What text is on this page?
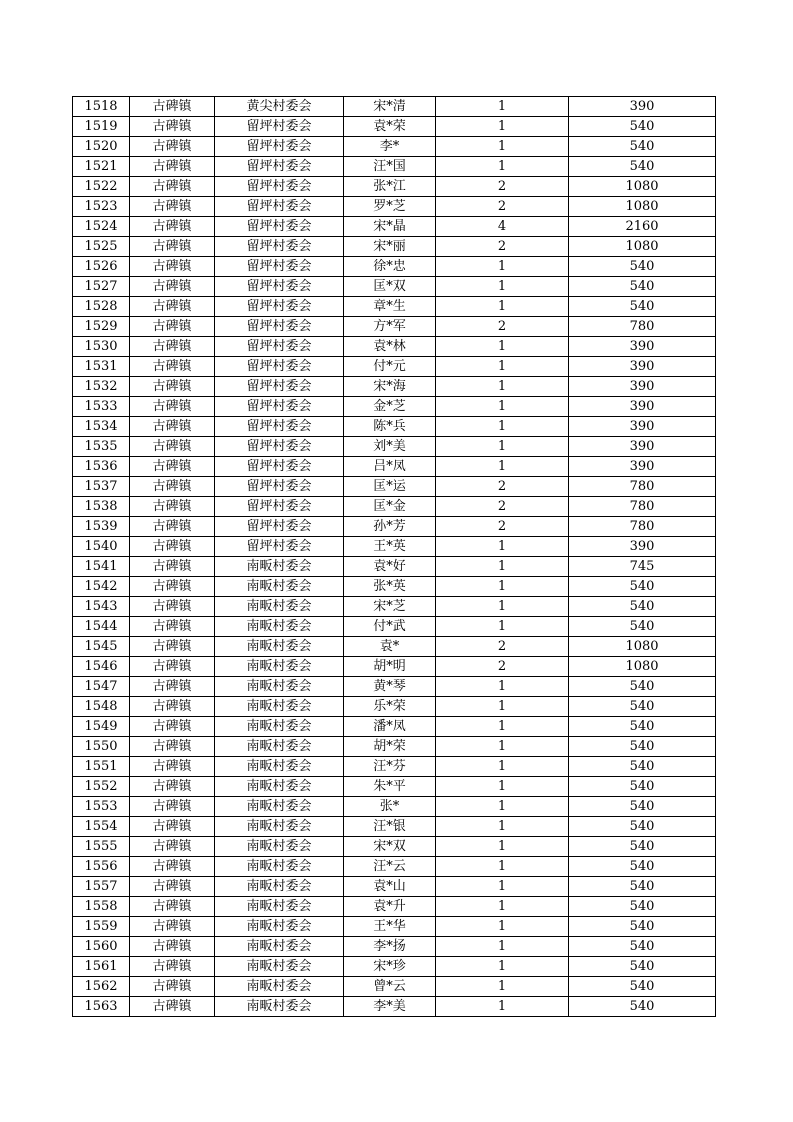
1518	古碑镇	黄尖村委会	宋*清	1	390
1519	古碑镇	留坪村委会	袁*荣	1	540
1520	古碑镇	留坪村委会	李*	1	540
1521	古碑镇	留坪村委会	汪*国	1	540
1522	古碑镇	留坪村委会	张*江	2	1080
1523	古碑镇	留坪村委会	罗*芝	2	1080
1524	古碑镇	留坪村委会	宋*晶	4	2160
1525	古碑镇	留坪村委会	宋*丽	2	1080
1526	古碑镇	留坪村委会	徐*忠	1	540
1527	古碑镇	留坪村委会	匡*双	1	540
1528	古碑镇	留坪村委会	章*生	1	540
1529	古碑镇	留坪村委会	方*军	2	780
1530	古碑镇	留坪村委会	袁*林	1	390
1531	古碑镇	留坪村委会	付*元	1	390
1532	古碑镇	留坪村委会	宋*海	1	390
1533	古碑镇	留坪村委会	金*芝	1	390
1534	古碑镇	留坪村委会	陈*兵	1	390
1535	古碑镇	留坪村委会	刘*美	1	390
1536	古碑镇	留坪村委会	吕*凤	1	390
1537	古碑镇	留坪村委会	匡*运	2	780
1538	古碑镇	留坪村委会	匡*金	2	780
1539	古碑镇	留坪村委会	孙*芳	2	780
1540	古碑镇	留坪村委会	王*英	1	390
1541	古碑镇	南畈村委会	袁*好	1	745
1542	古碑镇	南畈村委会	张*英	1	540
1543	古碑镇	南畈村委会	宋*芝	1	540
1544	古碑镇	南畈村委会	付*武	1	540
1545	古碑镇	南畈村委会	袁*	2	1080
1546	古碑镇	南畈村委会	胡*明	2	1080
1547	古碑镇	南畈村委会	黄*琴	1	540
1548	古碑镇	南畈村委会	乐*荣	1	540
1549	古碑镇	南畈村委会	潘*凤	1	540
1550	古碑镇	南畈村委会	胡*荣	1	540
1551	古碑镇	南畈村委会	汪*芬	1	540
1552	古碑镇	南畈村委会	朱*平	1	540
1553	古碑镇	南畈村委会	张*	1	540
1554	古碑镇	南畈村委会	汪*银	1	540
1555	古碑镇	南畈村委会	宋*双	1	540
1556	古碑镇	南畈村委会	汪*云	1	540
1557	古碑镇	南畈村委会	袁*山	1	540
1558	古碑镇	南畈村委会	袁*升	1	540
1559	古碑镇	南畈村委会	王*华	1	540
1560	古碑镇	南畈村委会	李*扬	1	540
1561	古碑镇	南畈村委会	宋*珍	1	540
1562	古碑镇	南畈村委会	曾*云	1	540
1563	古碑镇	南畈村委会	李*美	1	540
